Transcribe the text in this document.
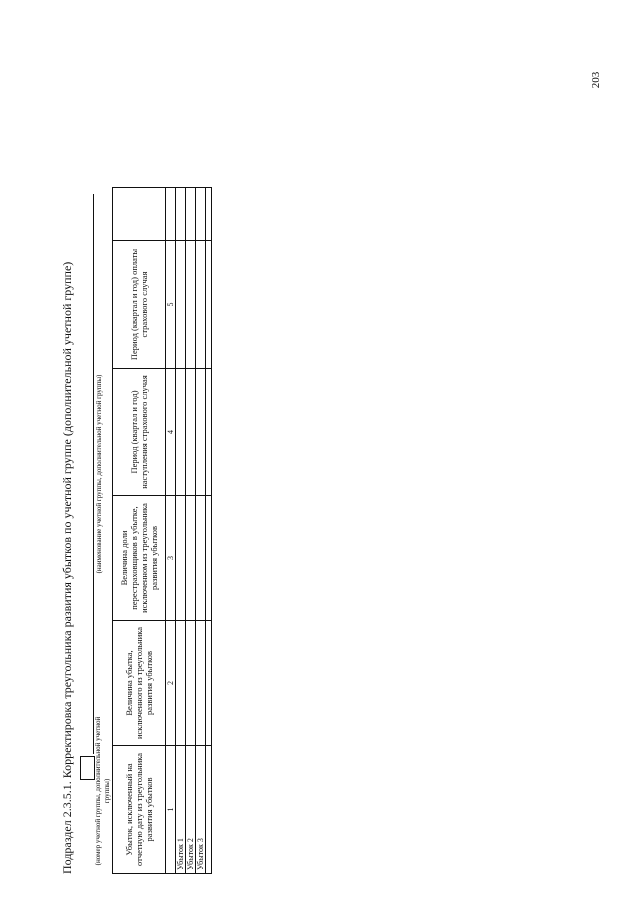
203
Подраздел 2.3.5.1. Корректировка треугольника развития убытков по учетной группе (дополнительной учетной группе)	(номер учетной группы, дополнительной учетной группы)
(наименование учетной группы, дополнительной учетной группы)
Убыток, исключенный на отчетную дату из треугольника развития убытков	Величина убытка, исключенного из треугольника развития убытков	Величина доли перестраховщиков в убытке, исключенном из треугольника развития убытков	Период (квартал и год) наступления страхового случая	Период (квартал и год) оплаты страхового случая	
1	2	3	4	5	
Убыток 1					
Убыток 2					
Убыток 3					
